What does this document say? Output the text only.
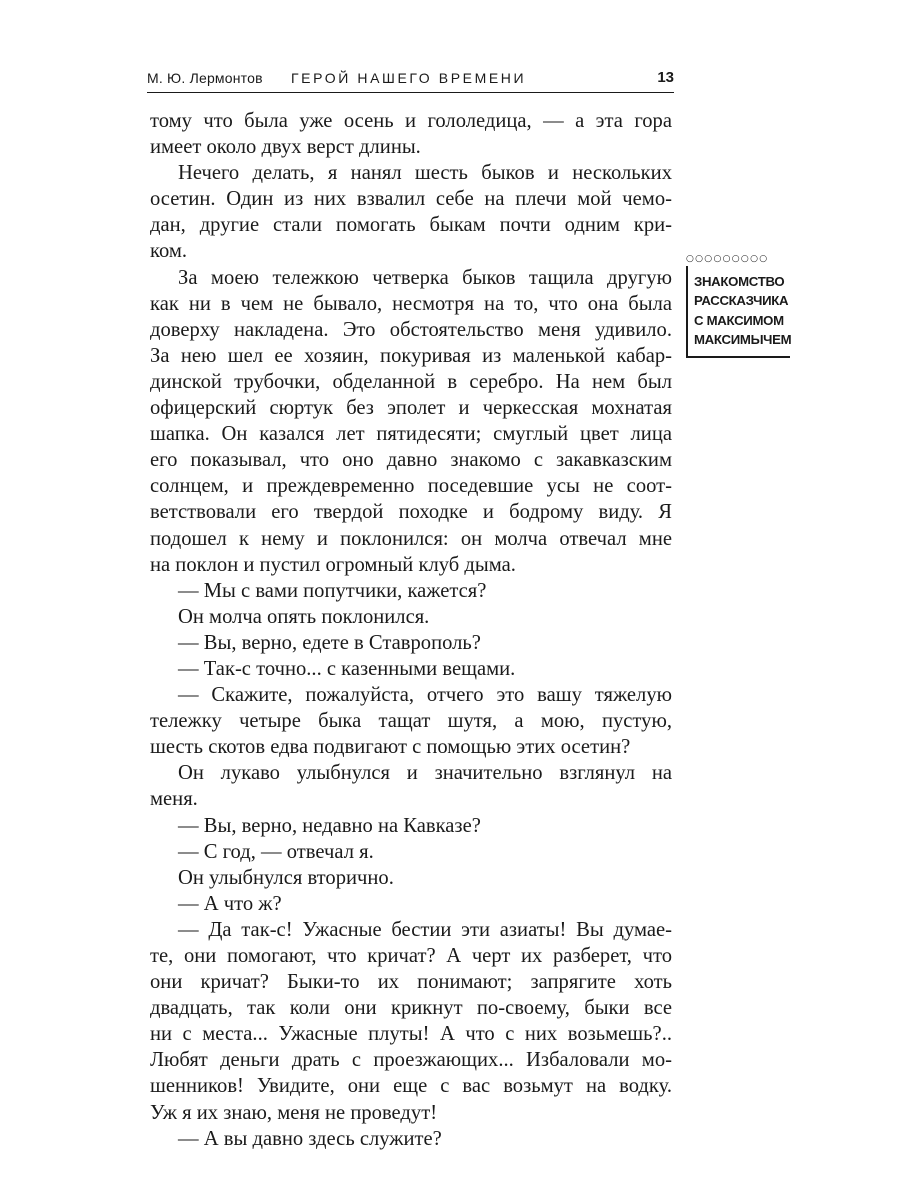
М. Ю. Лермонтов ГЕРОЙ НАШЕГО ВРЕМЕНИ	13
○○○○○○○○○
ЗНАКОМСТВО
РАССКАЗЧИКА
С МАКСИМОМ
МАКСИМЫЧЕМ

тому что была уже осень и гололедица, — а эта гора
имеет около двух верст длины.

Нечего делать, я нанял шесть быков и нескольких
осетин. Один из них взвалил себе на плечи мой чемо-
дан, другие стали помогать быкам почти одним кри-
ком.

За моею тележкою четверка быков тащила другую
как ни в чем не бывало, несмотря на то, что она была
доверху накладена. Это обстоятельство меня удивило.
За нею шел ее хозяин, покуривая из маленькой кабар-
динской трубочки, обделанной в серебро. На нем был
офицерский сюртук без эполет и черкесская мохнатая
шапка. Он казался лет пятидесяти; смуглый цвет лица
его показывал, что оно давно знакомо с закавказским
солнцем, и преждевременно поседевшие усы не соот-
ветствовали его твердой походке и бодрому виду. Я
подошел к нему и поклонился: он молча отвечал мне
на поклон и пустил огромный клуб дыма.

— Мы с вами попутчики, кажется?

Он молча опять поклонился.

— Вы, верно, едете в Ставрополь?

— Так-с точно... с казенными вещами.

— Скажите, пожалуйста, отчего это вашу тяжелую
тележку четыре быка тащат шутя, а мою, пустую,
шесть скотов едва подвигают с помощью этих осетин?

Он лукаво улыбнулся и значительно взглянул на
меня.

— Вы, верно, недавно на Кавказе?

— С год, — отвечал я.

Он улыбнулся вторично.

— А что ж?

— Да так-с! Ужасные бестии эти азиаты! Вы думае-
те, они помогают, что кричат? А черт их разберет, что
они кричат? Быки-то их понимают; запрягите хоть
двадцать, так коли они крикнут по-своему, быки все
ни с места... Ужасные плуты! А что с них возьмешь?..
Любят деньги драть с проезжающих... Избаловали мо-
шенников! Увидите, они еще с вас возьмут на водку.
Уж я их знаю, меня не проведут!

— А вы давно здесь служите?
